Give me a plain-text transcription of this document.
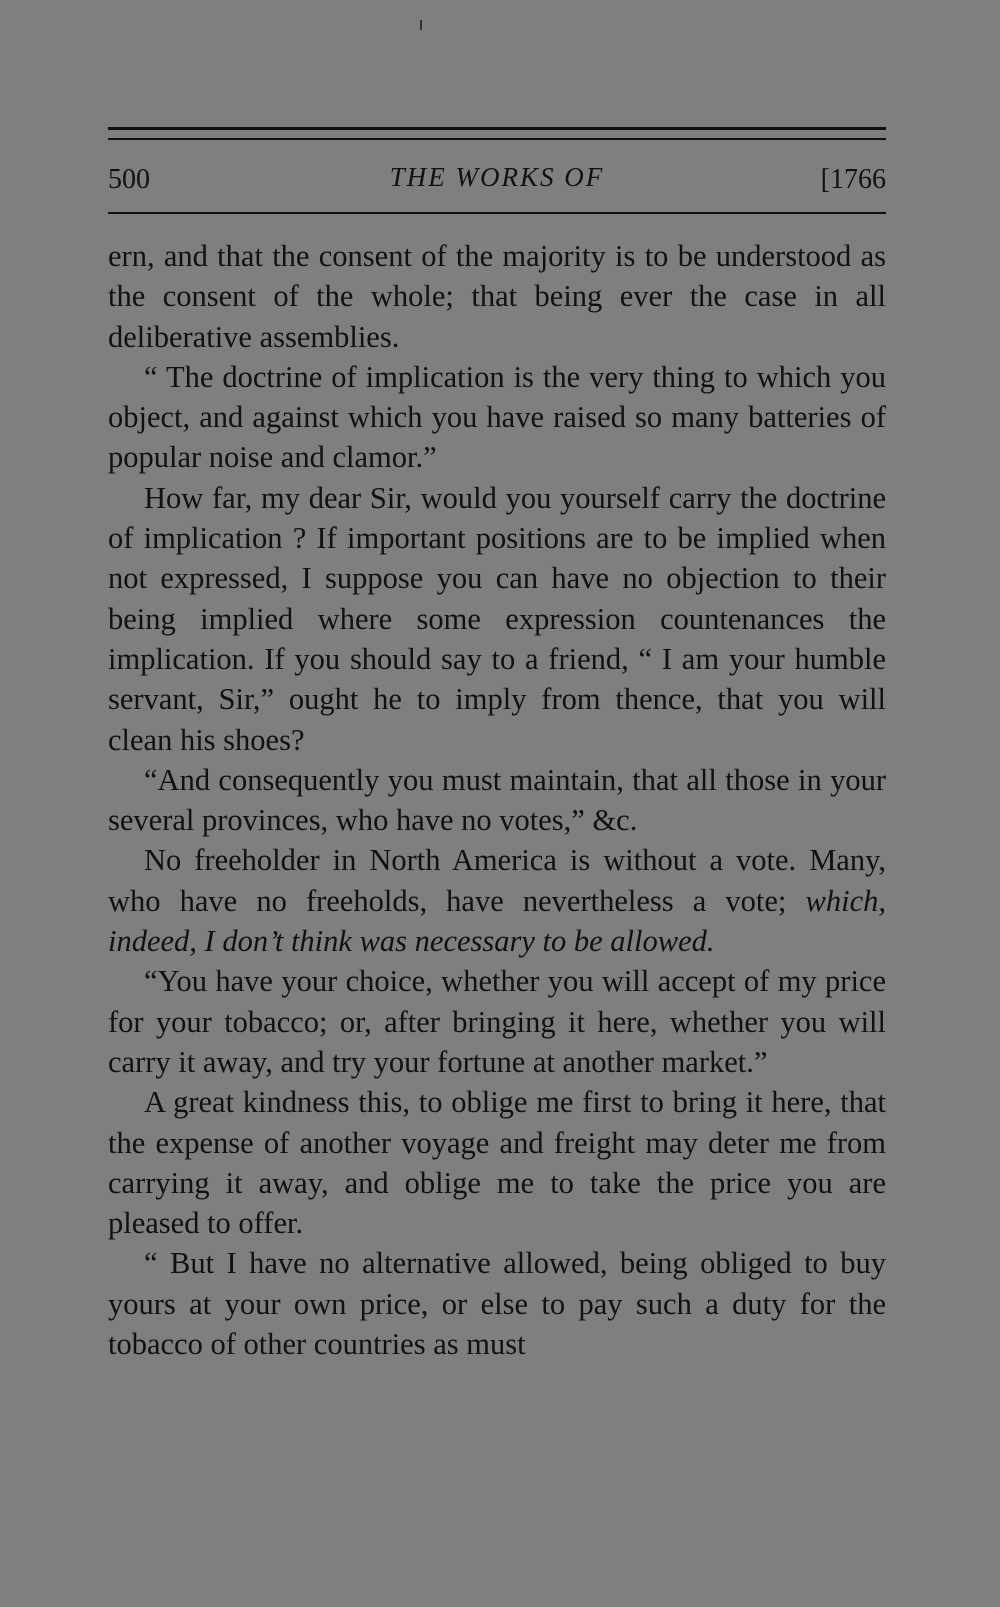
500	THE WORKS OF	[1766

ern, and that the consent of the majority is to be understood as the consent of the whole; that being ever the case in all deliberative assemblies.

“ The doctrine of implication is the very thing to which you object, and against which you have raised so many batteries of popular noise and clamor.”

How far, my dear Sir, would you yourself carry the doctrine of implication ? If important positions are to be implied when not expressed, I suppose you can have no objection to their being implied where some expression countenances the implication. If you should say to a friend, “ I am your humble servant, Sir,” ought he to imply from thence, that you will clean his shoes?

“And consequently you must maintain, that all those in your several provinces, who have no votes,” &c.

No freeholder in North America is without a vote. Many, who have no freeholds, have nevertheless a vote; which, indeed, I don’t think was necessary to be allowed.

“You have your choice, whether you will accept of my price for your tobacco; or, after bringing it here, whether you will carry it away, and try your fortune at another market.”

A great kindness this, to oblige me first to bring it here, that the expense of another voyage and freight may deter me from carrying it away, and oblige me to take the price you are pleased to offer.

“ But I have no alternative allowed, being obliged to buy yours at your own price, or else to pay such a duty for the tobacco of other countries as must
